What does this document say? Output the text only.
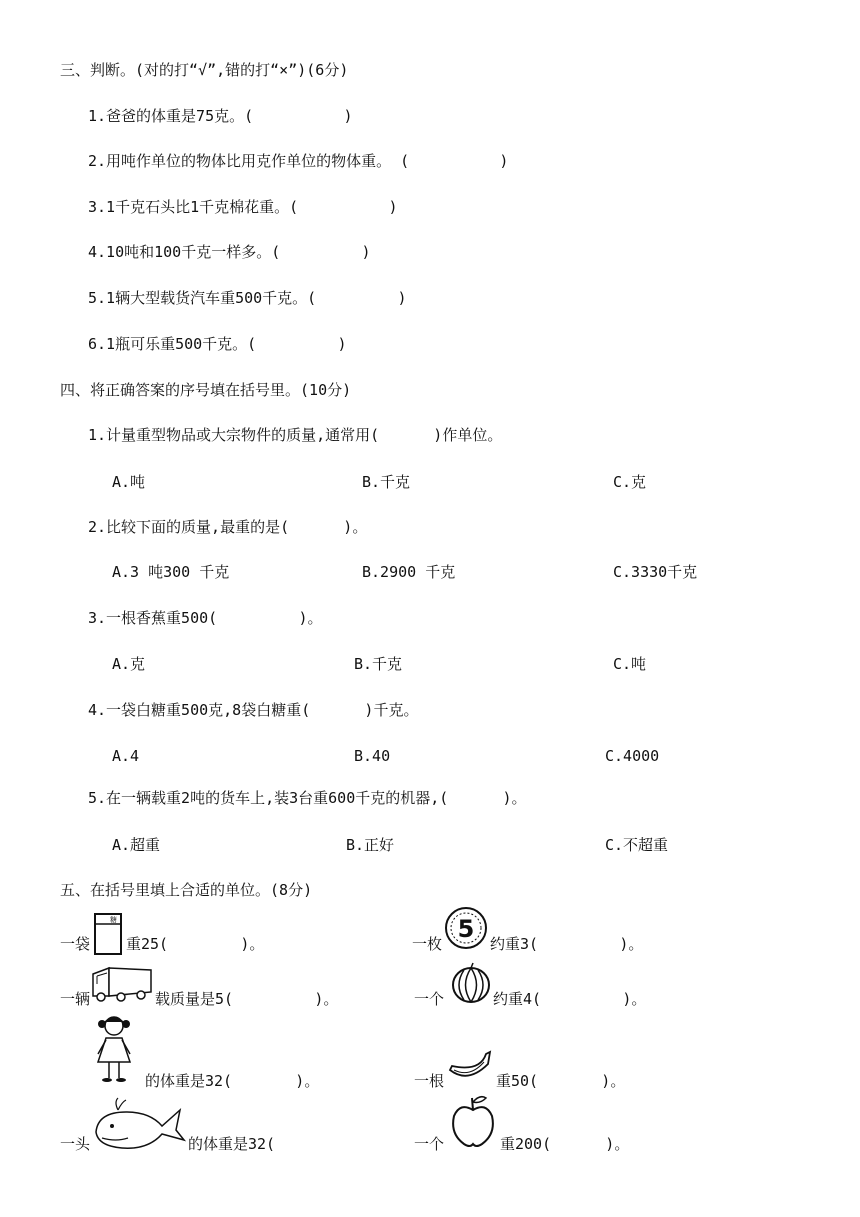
三、判断。(对的打“√”,错的打“×”)(6分)
1.爸爸的体重是75克。(          )
2.用吨作单位的物体比用克作单位的物体重。 (          )
3.1千克石头比1千克棉花重。(          )
4.10吨和100千克一样多。(         )
5.1辆大型载货汽车重500千克。(         )
6.1瓶可乐重500千克。(         )
四、将正确答案的序号填在括号里。(10分)
1.计量重型物品或大宗物件的质量,通常用(      )作单位。
A.吨	B.千克	C.克
2.比较下面的质量,最重的是(      )。
A.3 吨300 千克	B.2900 千克	C.3330千克
3.一根香蕉重500(         )。
A.克	B.千克	C.吨
4.一袋白糖重500克,8袋白糖重(      )千克。
A.4	B.40	C.4000
5.在一辆载重2吨的货车上,装3台重600千克的机器,(      )。
A.超重	B.正好	C.不超重
五、在括号里填上合适的单位。(8分)
一袋
糖
重25(        )。
一辆	载质量是5(         )。
的体重是32(       )。
一头	的体重是32(
一枚
5
约重3(         )。
一个	约重4(         )。
一根	重50(       )。
一个	重200(      )。
